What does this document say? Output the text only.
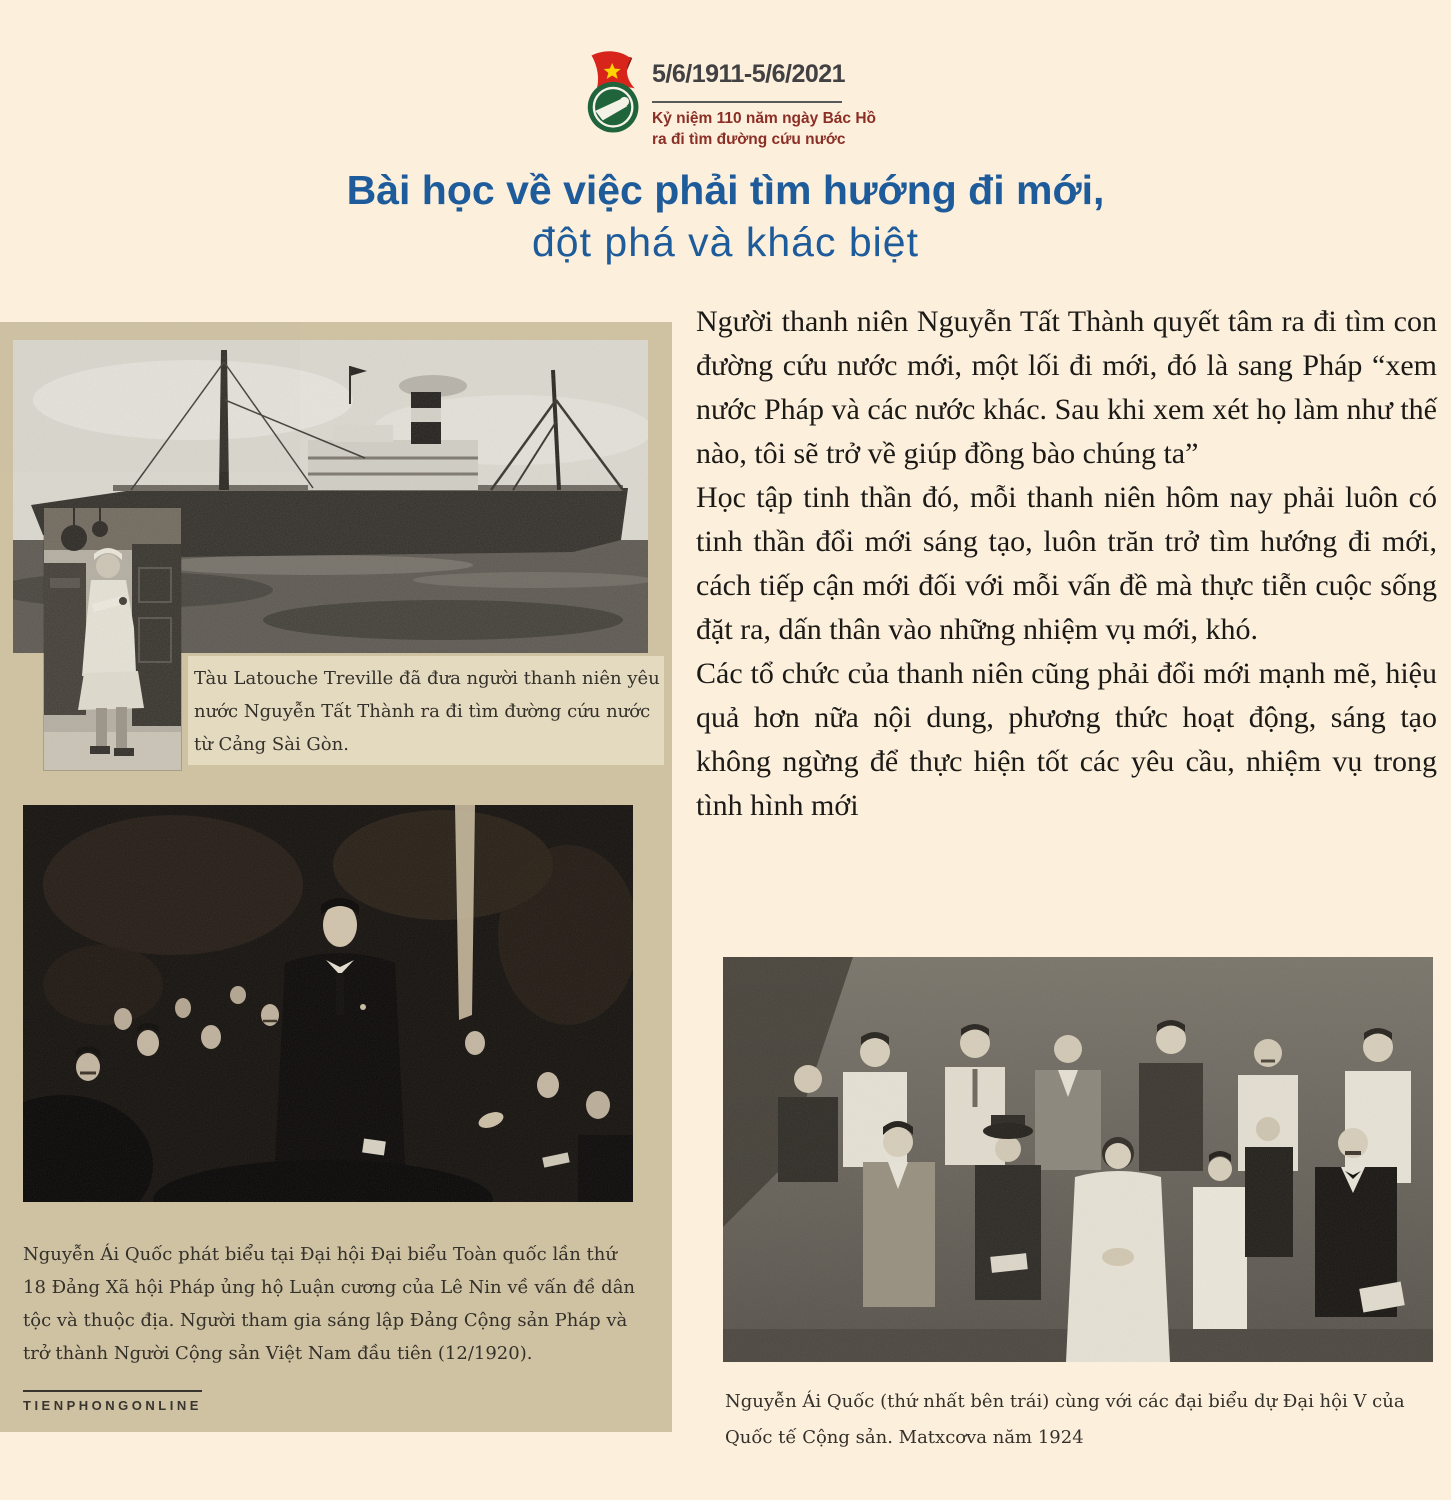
5/6/1911-5/6/2021
Kỷ niệm 110 năm ngày Bác Hồ
ra đi tìm đường cứu nước
Bài học về việc phải tìm hướng đi mới,
đột phá và khác biệt
Tàu Latouche Treville đã đưa người thanh niên yêu nước Nguyễn Tất Thành ra đi tìm đường cứu nước từ Cảng Sài Gòn.
Nguyễn Ái Quốc phát biểu tại Đại hội Đại biểu Toàn quốc lần thứ 18 Đảng Xã hội Pháp ủng hộ Luận cương của Lê Nin về vấn đề dân tộc và thuộc địa. Người tham gia sáng lập Đảng Cộng sản Pháp và trở thành Người Cộng sản Việt Nam đầu tiên (12/1920).
TIENPHONGONLINE

Người thanh niên Nguyễn Tất Thành quyết tâm ra đi tìm con đường cứu nước mới, một lối đi mới, đó là sang Pháp “xem nước Pháp và các nước khác. Sau khi xem xét họ làm như thế nào, tôi sẽ trở về giúp đồng bào chúng ta”

Học tập tinh thần đó, mỗi thanh niên hôm nay phải luôn có tinh thần đổi mới sáng tạo, luôn trăn trở tìm hướng đi mới, cách tiếp cận mới đối với mỗi vấn đề mà thực tiễn cuộc sống đặt ra, dấn thân vào những nhiệm vụ mới, khó.

Các tổ chức của thanh niên cũng phải đổi mới mạnh mẽ, hiệu quả hơn nữa nội dung, phương thức hoạt động, sáng tạo không ngừng để thực hiện tốt các yêu cầu, nhiệm vụ trong tình hình mới

Nguyễn Ái Quốc (thứ nhất bên trái) cùng với các đại biểu dự Đại hội V của Quốc tế Cộng sản. Matxcơva năm 1924
